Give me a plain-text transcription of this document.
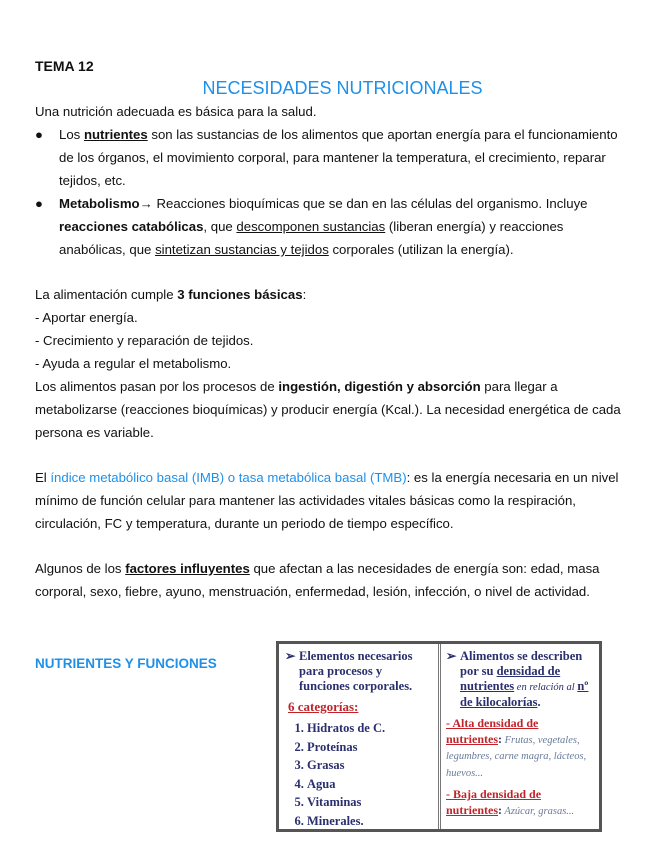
TEMA 12

NECESIDADES NUTRICIONALES

Una nutrición adecuada es básica para la salud.

● Los nutrientes son las sustancias de los alimentos que aportan energía para el funcionamiento de los órganos, el movimiento corporal, para mantener la temperatura, el crecimiento, reparar tejidos, etc.
● Metabolismo→ Reacciones bioquímicas que se dan en las células del organismo. Incluye reacciones catabólicas, que descomponen sustancias (liberan energía) y reacciones anabólicas, que sintetizan sustancias y tejidos corporales (utilizan la energía).

La alimentación cumple 3 funciones básicas:

- Aportar energía.

- Crecimiento y reparación de tejidos.

- Ayuda a regular el metabolismo.

Los alimentos pasan por los procesos de ingestión, digestión y absorción para llegar a metabolizarse (reacciones bioquímicas) y producir energía (Kcal.). La necesidad energética de cada persona es variable.

El índice metabólico basal (IMB) o tasa metabólica basal (TMB): es la energía necesaria en un nivel mínimo de función celular para mantener las actividades vitales básicas como la respiración, circulación, FC y temperatura, durante un periodo de tiempo específico.

Algunos de los factores influyentes que afectan a las necesidades de energía son: edad, masa corporal, sexo, fiebre, ayuno, menstruación, enfermedad, lesión, infección, o nivel de actividad.

NUTRIENTES Y FUNCIONES	➢ Elementos necesarios para procesos y funciones corporales.
6 categorías:
1. Hidratos de C.
2. Proteínas
3. Grasas
4. Agua
5. Vitaminas
6. Minerales.
➢ Alimentos se describen por su densidad de nutrientes en relación al nº de kilocalorías.
- Alta densidad de nutrientes: Frutas, vegetales, legumbres, carne magra, lácteos, huevos...
- Baja densidad de nutrientes: Azúcar, grasas...
